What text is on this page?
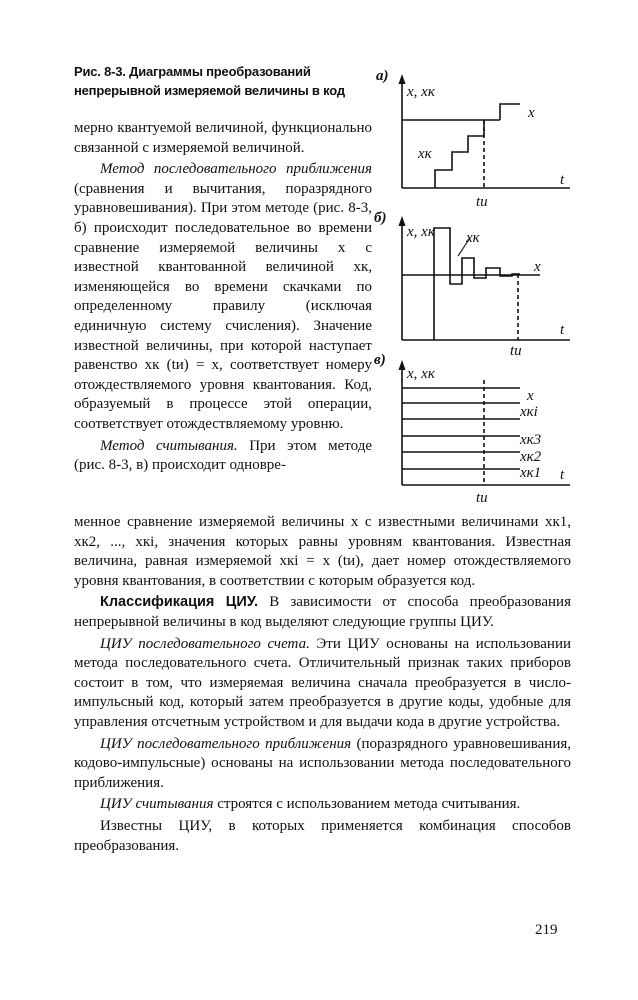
Рис. 8-3. Диаграммы преобразований непрерывной измеряемой величины в код
а)
x, xк
x
xк
t
tи
б)
x, xк xк
x
t
tи
в)
x, xк
x
xкi
xк3
xк2
xк1 t
tи

мерно квантуемой величиной, функционально связанной с измеряемой величиной.

Метод последовательного приближения (сравнения и вычитания, поразрядного уравновешивания). При этом методе (рис. 8-3, б) происходит последовательное во времени сравнение измеряемой величины x с известной квантованной величиной xк, изменяющейся во времени скачками по определенному правилу (исключая единичную систему счисления). Значение известной величины, при которой наступает равенство xк (tи) = x, соответствует номеру отождествляемого уровня квантования. Код, образуемый в процессе этой операции, соответствует отождествляемому уровню.

Метод считывания. При этом методе (рис. 8-3, в) происходит одновре-

менное сравнение измеряемой величины x с известными величинами xк1, xк2, ..., xкi, значения которых равны уровням квантования. Известная величина, равная измеряемой xкi = x (tи), дает номер отождествляемого уровня квантования, в соответствии с которым образуется код.

Классификация ЦИУ. В зависимости от способа преобразования непрерывной величины в код выделяют следующие группы ЦИУ.

ЦИУ последовательного счета. Эти ЦИУ основаны на использовании метода последовательного счета. Отличительный признак таких приборов состоит в том, что измеряемая величина сначала преобразуется в число-импульсный код, который затем преобразуется в другие коды, удобные для управления отсчетным устройством и для выдачи кода в другие устройства.

ЦИУ последовательного приближения (поразрядного уравновешивания, кодово-импульсные) основаны на использовании метода последовательного приближения.

ЦИУ считывания строятся с использованием метода считывания.

Известны ЦИУ, в которых применяется комбинация способов преобразования.

219
